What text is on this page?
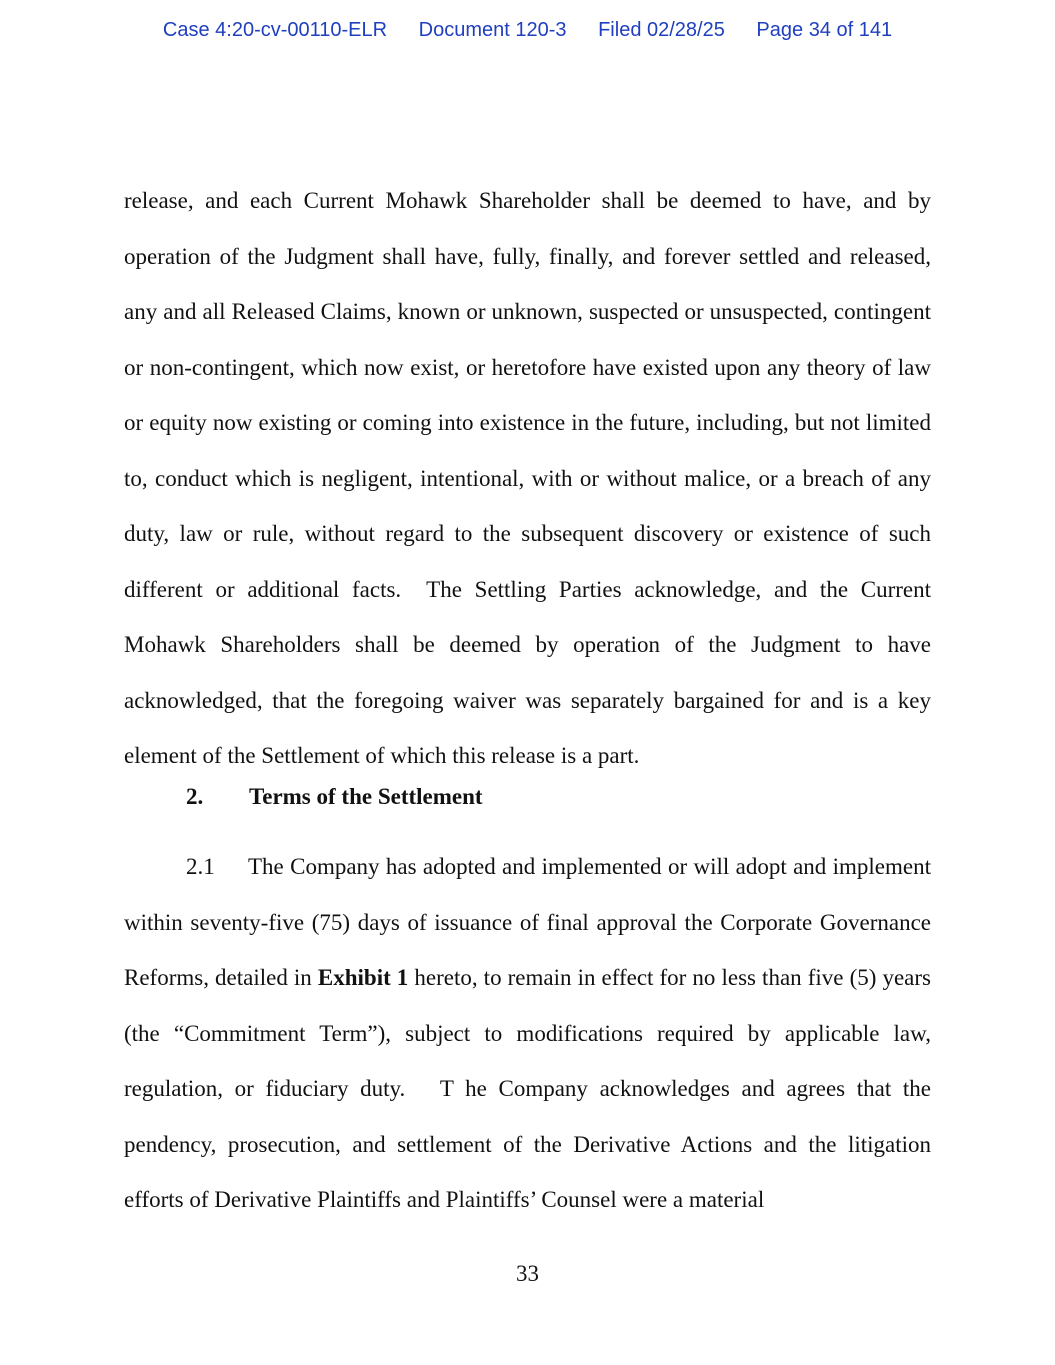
Case 4:20-cv-00110-ELR Document 120-3 Filed 02/28/25 Page 34 of 141

release, and each Current Mohawk Shareholder shall be deemed to have, and by operation of the Judgment shall have, fully, finally, and forever settled and released, any and all Released Claims, known or unknown, suspected or unsuspected, contingent or non-contingent, which now exist, or heretofore have existed upon any theory of law or equity now existing or coming into existence in the future, including, but not limited to, conduct which is negligent, intentional, with or without malice, or a breach of any duty, law or rule, without regard to the subsequent discovery or existence of such different or additional facts.  The Settling Parties acknowledge, and the Current Mohawk Shareholders shall be deemed by operation of the Judgment to have acknowledged, that the foregoing waiver was separately bargained for and is a key element of the Settlement of which this release is a part.

2. Terms of the Settlement

2.1 The Company has adopted and implemented or will adopt and implement within seventy-five (75) days of issuance of final approval the Corporate Governance Reforms, detailed in Exhibit 1 hereto, to remain in effect for no less than five (5) years (the “Commitment Term”), subject to modifications required by applicable law, regulation, or fiduciary duty.   T he Company acknowledges and agrees that the pendency, prosecution, and settlement of the Derivative Actions and the litigation efforts of Derivative Plaintiffs and Plaintiffs’ Counsel were a material

33
